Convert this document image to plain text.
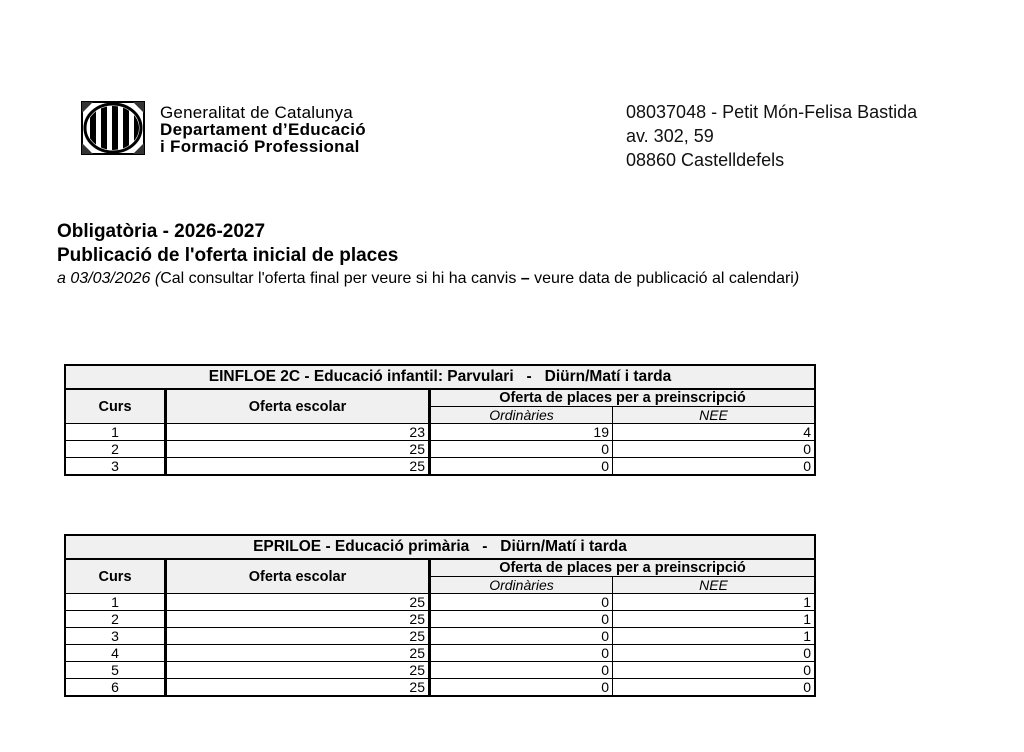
Generalitat de Catalunya
Departament d’Educació
i Formació Professional
08037048 - Petit Món-Felisa Bastida
av. 302, 59
08860 Castelldefels
Obligatòria - 2026-2027
Publicació de l'oferta inicial de places
a 03/03/2026 (Cal consultar l'oferta final per veure si hi ha canvis – veure data de publicació al calendari)
EINFLOE 2C - Educació infantil: Parvulari   -   Diürn/Matí i tarda			
Curs	Oferta escolar	Oferta de places per a preinscripció	
		Ordinàries	NEE
1	23	19	4
2	25	0	0
3	25	0	0
EPRILOE - Educació primària   -   Diürn/Matí i tarda			
Curs	Oferta escolar	Oferta de places per a preinscripció	
		Ordinàries	NEE
1	25	0	1
2	25	0	1
3	25	0	1
4	25	0	0
5	25	0	0
6	25	0	0
